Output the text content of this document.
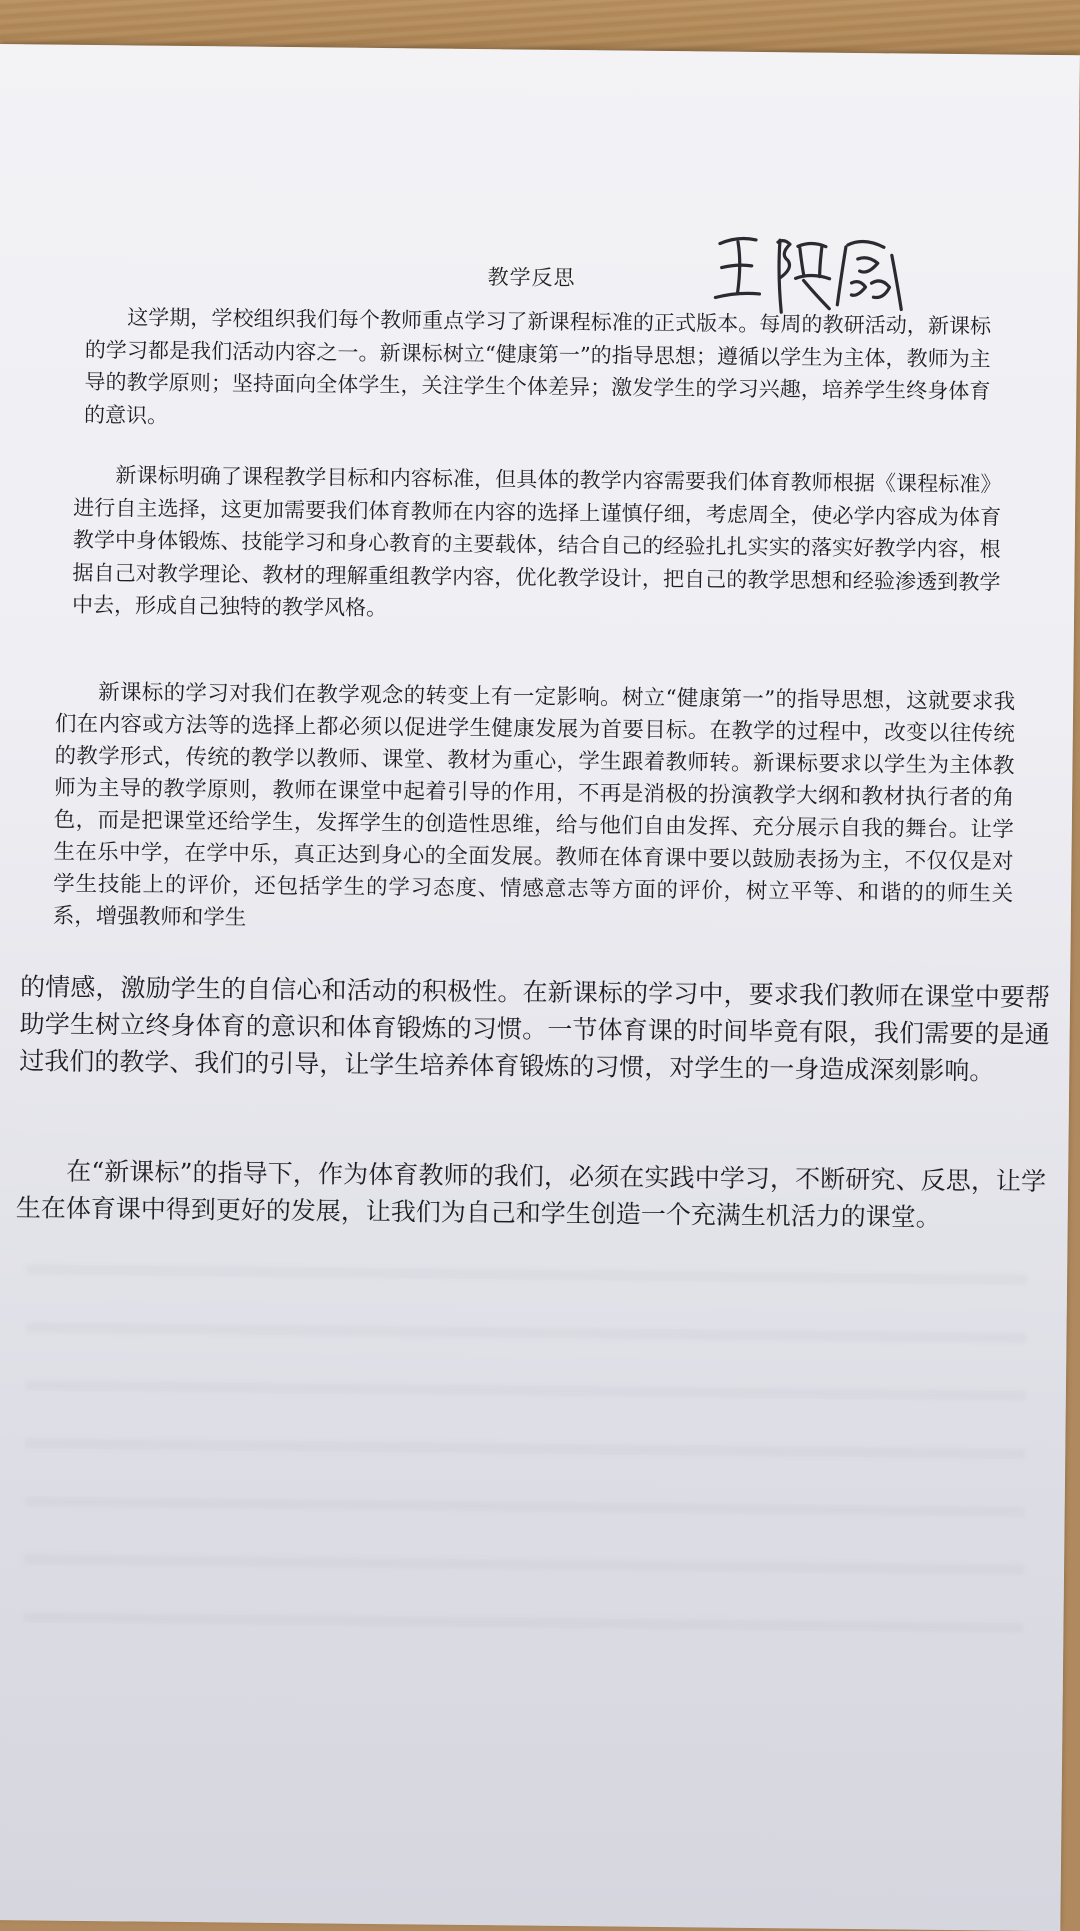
教学反思

这学期，学校组织我们每个教师重点学习了新课程标准的正式版本。每周的教研活动，新课标的学习都是我们活动内容之一。新课标树立“健康第一”的指导思想；遵循以学生为主体，教师为主导的教学原则；坚持面向全体学生，关注学生个体差异；激发学生的学习兴趣，培养学生终身体育的意识。

新课标明确了课程教学目标和内容标准，但具体的教学内容需要我们体育教师根据《课程标准》进行自主选择，这更加需要我们体育教师在内容的选择上谨慎仔细，考虑周全，使必学内容成为体育教学中身体锻炼、技能学习和身心教育的主要载体，结合自己的经验扎扎实实的落实好教学内容，根据自己对教学理论、教材的理解重组教学内容，优化教学设计，把自己的教学思想和经验渗透到教学中去，形成自己独特的教学风格。

新课标的学习对我们在教学观念的转变上有一定影响。树立“健康第一”的指导思想，这就要求我们在内容或方法等的选择上都必须以促进学生健康发展为首要目标。在教学的过程中，改变以往传统的教学形式，传统的教学以教师、课堂、教材为重心，学生跟着教师转。新课标要求以学生为主体教师为主导的教学原则，教师在课堂中起着引导的作用，不再是消极的扮演教学大纲和教材执行者的角色，而是把课堂还给学生，发挥学生的创造性思维，给与他们自由发挥、充分展示自我的舞台。让学生在乐中学，在学中乐，真正达到身心的全面发展。教师在体育课中要以鼓励表扬为主，不仅仅是对学生技能上的评价，还包括学生的学习态度、情感意志等方面的评价，树立平等、和谐的的师生关系，增强教师和学生

的情感，激励学生的自信心和活动的积极性。在新课标的学习中，要求我们教师在课堂中要帮助学生树立终身体育的意识和体育锻炼的习惯。一节体育课的时间毕竟有限，我们需要的是通过我们的教学、我们的引导，让学生培养体育锻炼的习惯，对学生的一身造成深刻影响。

在“新课标”的指导下，作为体育教师的我们，必须在实践中学习，不断研究、反思，让学生在体育课中得到更好的发展，让我们为自己和学生创造一个充满生机活力的课堂。
